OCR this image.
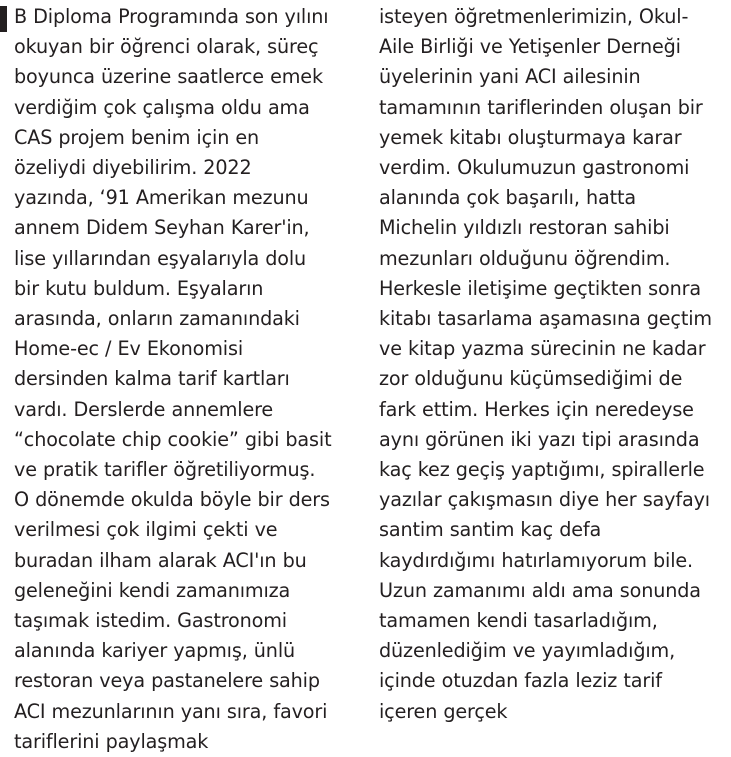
B Diploma Programında son yılını okuyan bir öğrenci olarak, süreç boyunca üzerine saatlerce emek verdiğim çok çalışma oldu ama CAS projem benim için en özeliydi diyebilirim. 2022 yazında, ‘91 Amerikan mezunu annem Didem Seyhan Karer'in, lise yıllarından eşyalarıyla dolu bir kutu buldum. Eşyaların arasında, onların zamanındaki Home-ec / Ev Ekonomisi dersinden kalma tarif kartları vardı. Derslerde annemlere “chocolate chip cookie” gibi basit ve pratik tarifler öğretiliyormuş. O dönemde okulda böyle bir ders verilmesi çok ilgimi çekti ve buradan ilham alarak ACI'ın bu geleneğini kendi zamanımıza taşımak istedim. Gastronomi alanında kariyer yapmış, ünlü restoran veya pastanelere sahip ACI mezunlarının yanı sıra, favori tariflerini paylaşmak

isteyen öğretmenlerimizin, Okul-Aile Birliği ve Yetişenler Derneği üyelerinin yani ACI ailesinin tamamının tariflerinden oluşan bir yemek kitabı oluşturmaya karar verdim. Okulumuzun gastronomi alanında çok başarılı, hatta Michelin yıldızlı restoran sahibi mezunları olduğunu öğrendim. Herkesle iletişime geçtikten sonra kitabı tasarlama aşamasına geçtim ve kitap yazma sürecinin ne kadar zor olduğunu küçümsediğimi de fark ettim. Herkes için neredeyse aynı görünen iki yazı tipi arasında kaç kez geçiş yaptığımı, spirallerle yazılar çakışmasın diye her sayfayı santim santim kaç defa kaydırdığımı hatırlamıyorum bile. Uzun zamanımı aldı ama sonunda tamamen kendi tasarladığım, düzenlediğim ve yayımladığım, içinde otuzdan fazla leziz tarif içeren gerçek
